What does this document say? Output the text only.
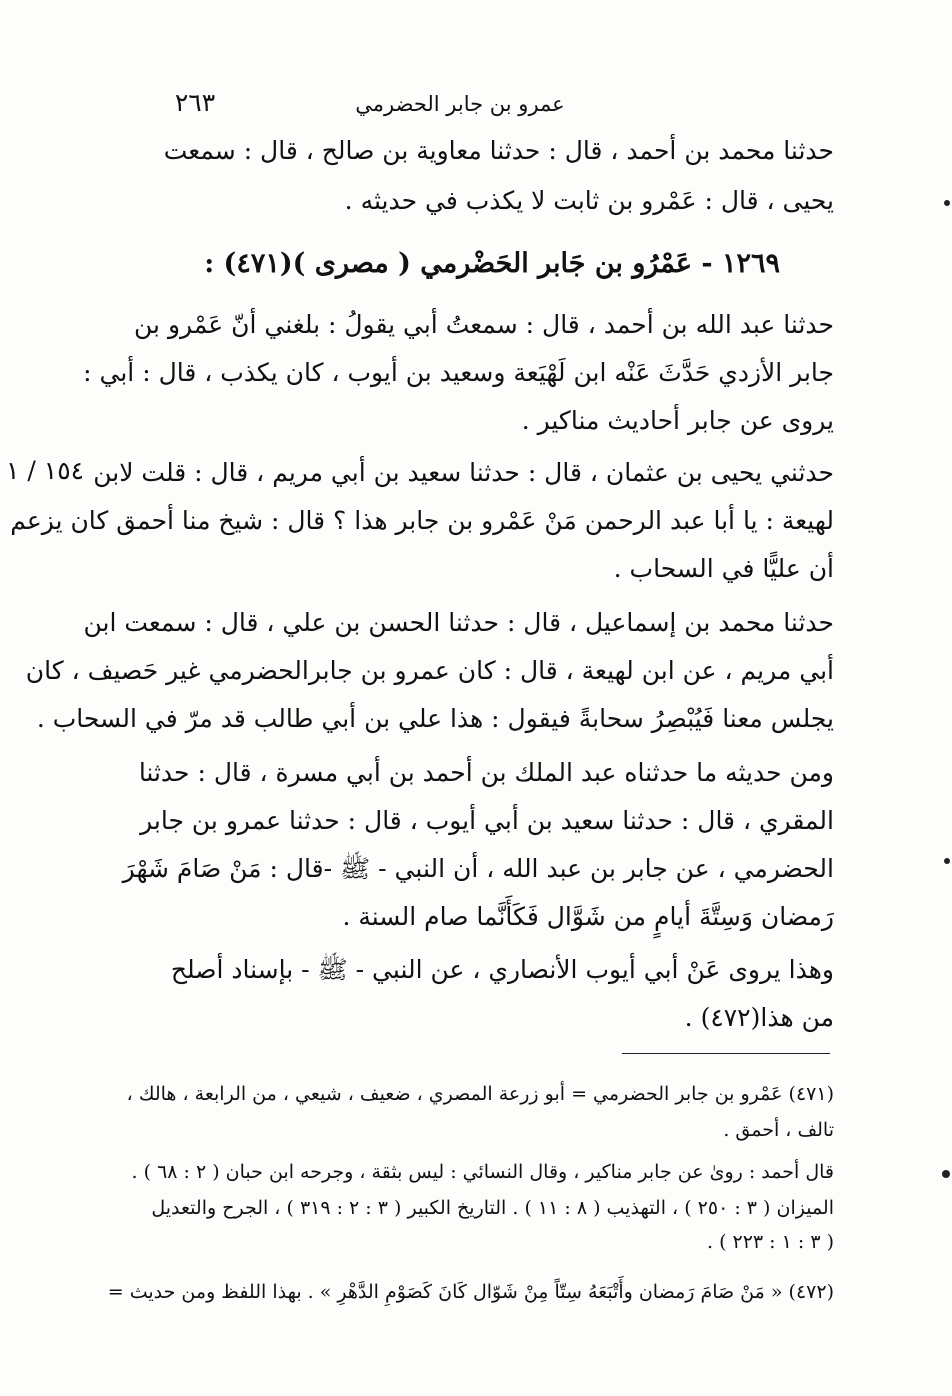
عمرو بن جابر الحضرمي
٢٦٣
حدثنا محمد بن أحمد ، قال : حدثنا معاوية بن صالح ، قال : سمعت
يحيى ، قال : عَمْرو بن ثابت لا يكذب في حديثه .
١٢٦٩ - عَمْرُو بن جَابر الحَضْرمي ( مصرى )(٤٧١) :
حدثنا عبد الله بن أحمد ، قال : سمعتُ أبي يقولُ : بلغني أنّ عَمْرو بن
جابر الأزدي حَدَّثَ عَنْه ابن لَهْيَعة وسعيد بن أيوب ، كان يكذب ، قال : أبي :
يروى عن جابر أحاديث مناكير .
١٥٤ / ١ حدثني يحيى بن عثمان ، قال : حدثنا سعيد بن أبي مريم ، قال : قلت لابن
لهيعة : يا أبا عبد الرحمن مَنْ عَمْرو بن جابر هذا ؟ قال : شيخ منا أحمق كان يزعم
أن عليًّا في السحاب .
حدثنا محمد بن إسماعيل ، قال : حدثنا الحسن بن علي ، قال : سمعت ابن
أبي مريم ، عن ابن لهيعة ، قال : كان عمرو بن جابرالحضرمي غير حَصيف ، كان
يجلس معنا فَيُبْصِرُ سحابةً فيقول : هذا علي بن أبي طالب قد مرّ في السحاب .
ومن حديثه ما حدثناه عبد الملك بن أحمد بن أبي مسرة ، قال : حدثنا
المقري ، قال : حدثنا سعيد بن أبي أيوب ، قال : حدثنا عمرو بن جابر
الحضرمي ، عن جابر بن عبد الله ، أن النبي - ﷺ -قال : مَنْ صَامَ شَهْرَ
رَمضان وَسِتَّةَ أيامٍ من شَوَّال فَكَأَنَّما صام السنة .
وهذا يروى عَنْ أبي أيوب الأنصاري ، عن النبي - ﷺ - بإسناد أصلح
من هذا(٤٧٢) .
(٤٧١) عَمْرو بن جابر الحضرمي = أبو زرعة المصري ، ضعيف ، شيعي ، من الرابعة ، هالك ،
تالف ، أحمق .
قال أحمد : روىٰ عن جابر مناكير ، وقال النسائي : ليس بثقة ، وجرحه ابن حبان ( ٢ : ٦٨ ) .
الميزان ( ٣ : ٢٥٠ ) ، التهذيب ( ٨ : ١١ ) . التاريخ الكبير ( ٣ : ٢ : ٣١٩ ) ، الجرح والتعديل
( ٣ : ١ : ٢٢٣ ) .
(٤٧٢) « مَنْ صَامَ رَمضان وأَتْبَعَهُ سِتّاً مِنْ شَوّال كَانَ كَصَوْمِ الدَّهْرِ » . بهذا اللفظ ومن حديث =
